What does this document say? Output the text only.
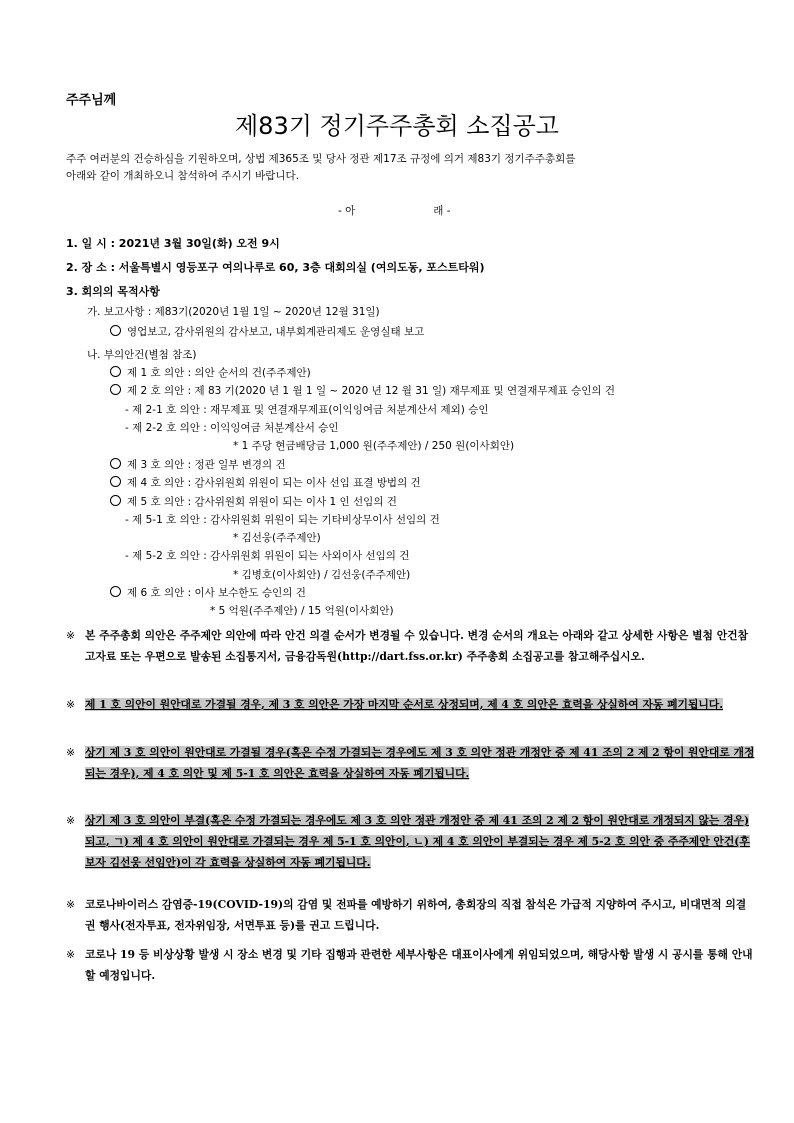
주주님께
제83기 정기주주총회 소집공고
주주 여러분의 건승하심을 기원하오며, 상법 제365조 및 당사 정관 제17조 규정에 의거 제83기 정기주주총회를
아래와 같이 개최하오니 참석하여 주시기 바랍니다.
- 아	래 -
1. 일 시 : 2021년 3월 30일(화) 오전 9시
2. 장 소 : 서울특별시 영등포구 여의나루로 60, 3층 대회의실 (여의도동, 포스트타워)
3. 회의의 목적사항
가. 보고사항 : 제83기(2020년 1월 1일 ~ 2020년 12월 31일)
영업보고, 감사위원의 감사보고, 내부회계관리제도 운영실태 보고
나. 부의안건(별첨 참조)
제 1 호 의안 : 의안 순서의 건(주주제안)
제 2 호 의안 : 제 83 기(2020 년 1 월 1 일 ~ 2020 년 12 월 31 일) 재무제표 및 연결재무제표 승인의 건
- 제 2-1 호 의안 : 재무제표 및 연결재무제표(이익잉여금 처분계산서 제외) 승인
- 제 2-2 호 의안 : 이익잉여금 처분계산서 승인
* 1 주당 현금배당금 1,000 원(주주제안) / 250 원(이사회안)
제 3 호 의안 : 정관 일부 변경의 건
제 4 호 의안 : 감사위원회 위원이 되는 이사 선임 표결 방법의 건
제 5 호 의안 : 감사위원회 위원이 되는 이사 1 인 선임의 건
- 제 5-1 호 의안 : 감사위원회 위원이 되는 기타비상무이사 선임의 건
* 김선웅(주주제안)
- 제 5-2 호 의안 : 감사위원회 위원이 되는 사외이사 선임의 건
* 김병호(이사회안) / 김선웅(주주제안)
제 6 호 의안 : 이사 보수한도 승인의 건
* 5 억원(주주제안) / 15 억원(이사회안)
※ 본 주주총회 의안은 주주제안 의안에 따라 안건 의결 순서가 변경될 수 있습니다. 변경 순서의 개요는 아래와 같고 상세한 사항은 별첨 안건참고자료 또는 우편으로 발송된 소집통지서, 금융감독원(http://dart.fss.or.kr) 주주총회 소집공고를 참고해주십시오.
※ 제 1 호 의안이 원안대로 가결될 경우, 제 3 호 의안은 가장 마지막 순서로 상정되며, 제 4 호 의안은 효력을 상실하여 자동 폐기됩니다.
※ 상기 제 3 호 의안이 원안대로 가결될 경우(혹은 수정 가결되는 경우에도 제 3 호 의안 정관 개정안 중 제 41 조의 2 제 2 항이 원안대로 개정되는 경우), 제 4 호 의안 및 제 5-1 호 의안은 효력을 상실하여 자동 폐기됩니다.
※ 상기 제 3 호 의안이 부결(혹은 수정 가결되는 경우에도 제 3 호 의안 정관 개정안 중 제 41 조의 2 제 2 항이 원안대로 개정되지 않는 경우)되고, ㄱ) 제 4 호 의안이 원안대로 가결되는 경우 제 5-1 호 의안이, ㄴ) 제 4 호 의안이 부결되는 경우 제 5-2 호 의안 중 주주제안 안건(후보자 김선웅 선임안)이 각 효력을 상실하여 자동 폐기됩니다.
※ 코로나바이러스 감염증-19(COVID-19)의 감염 및 전파를 예방하기 위하여, 총회장의 직접 참석은 가급적 지양하여 주시고, 비대면적 의결권 행사(전자투표, 전자위임장, 서면투표 등)를 권고 드립니다.
※ 코로나 19 등 비상상황 발생 시 장소 변경 및 기타 집행과 관련한 세부사항은 대표이사에게 위임되었으며, 해당사항 발생 시 공시를 통해 안내할 예정입니다.
